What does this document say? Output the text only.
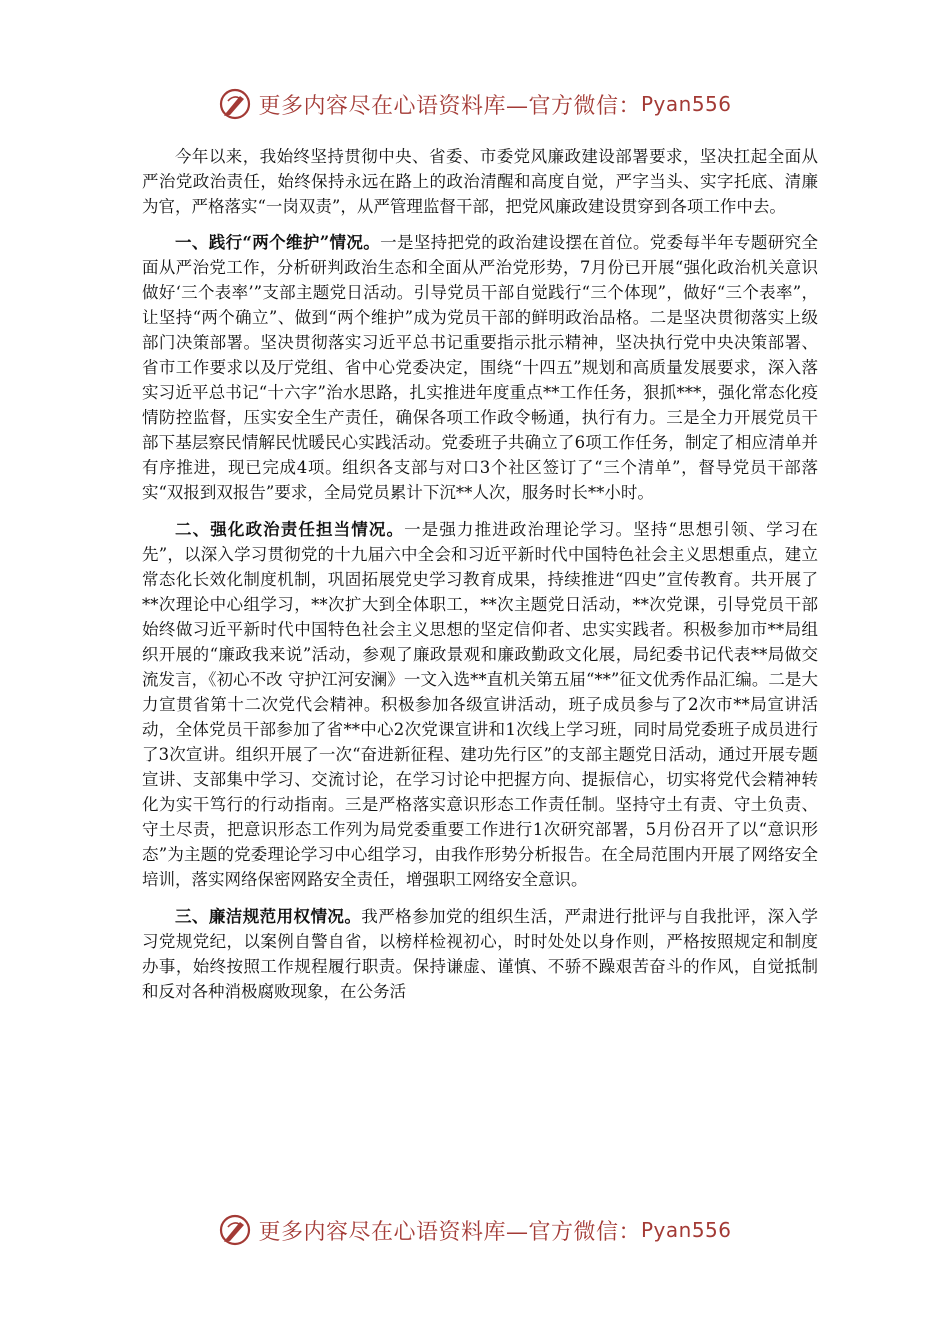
更多内容尽在心语资料库—官方微信： Pyan556

今年以来，我始终坚持贯彻中央、省委、市委党风廉政建设部署要求，坚决扛起全面从严治党政治责任，始终保持永远在路上的政治清醒和高度自觉，严字当头、实字托底、清廉为官，严格落实“一岗双责”，从严管理监督干部，把党风廉政建设贯穿到各项工作中去。

一、践行“两个维护”情况。一是坚持把党的政治建设摆在首位。党委每半年专题研究全面从严治党工作，分析研判政治生态和全面从严治党形势，7月份已开展“强化政治机关意识 做好‘三个表率’”支部主题党日活动。引导党员干部自觉践行“三个体现”，做好“三个表率”，让坚持“两个确立”、做到“两个维护”成为党员干部的鲜明政治品格。二是坚决贯彻落实上级部门决策部署。坚决贯彻落实习近平总书记重要指示批示精神，坚决执行党中央决策部署、省市工作要求以及厅党组、省中心党委决定，围绕“十四五”规划和高质量发展要求，深入落实习近平总书记“十六字”治水思路，扎实推进年度重点**工作任务，狠抓***，强化常态化疫情防控监督，压实安全生产责任，确保各项工作政令畅通，执行有力。三是全力开展党员干部下基层察民情解民忧暖民心实践活动。党委班子共确立了6项工作任务，制定了相应清单并有序推进，现已完成4项。组织各支部与对口3个社区签订了“三个清单”，督导党员干部落实“双报到双报告”要求，全局党员累计下沉**人次，服务时长**小时。

二、强化政治责任担当情况。一是强力推进政治理论学习。坚持“思想引领、学习在先”，以深入学习贯彻党的十九届六中全会和习近平新时代中国特色社会主义思想重点，建立常态化长效化制度机制，巩固拓展党史学习教育成果，持续推进“四史”宣传教育。共开展了**次理论中心组学习，**次扩大到全体职工，**次主题党日活动，**次党课，引导党员干部始终做习近平新时代中国特色社会主义思想的坚定信仰者、忠实实践者。积极参加市**局组织开展的“廉政我来说”活动，参观了廉政景观和廉政勤政文化展，局纪委书记代表**局做交流发言，《初心不改 守护江河安澜》一文入选**直机关第五届“**”征文优秀作品汇编。二是大力宣贯省第十二次党代会精神。积极参加各级宣讲活动，班子成员参与了2次市**局宣讲活动，全体党员干部参加了省**中心2次党课宣讲和1次线上学习班，同时局党委班子成员进行了3次宣讲。组织开展了一次“奋进新征程、建功先行区”的支部主题党日活动，通过开展专题宣讲、支部集中学习、交流讨论，在学习讨论中把握方向、提振信心，切实将党代会精神转化为实干笃行的行动指南。三是严格落实意识形态工作责任制。坚持守土有责、守土负责、守土尽责，把意识形态工作列为局党委重要工作进行1次研究部署，5月份召开了以“意识形态”为主题的党委理论学习中心组学习，由我作形势分析报告。在全局范围内开展了网络安全培训，落实网络保密网路安全责任，增强职工网络安全意识。

三、廉洁规范用权情况。我严格参加党的组织生活，严肃进行批评与自我批评，深入学习党规党纪，以案例自警自省，以榜样检视初心，时时处处以身作则，严格按照规定和制度办事，始终按照工作规程履行职责。保持谦虚、谨慎、不骄不躁艰苦奋斗的作风，自觉抵制和反对各种消极腐败现象，在公务活

更多内容尽在心语资料库—官方微信： Pyan556
